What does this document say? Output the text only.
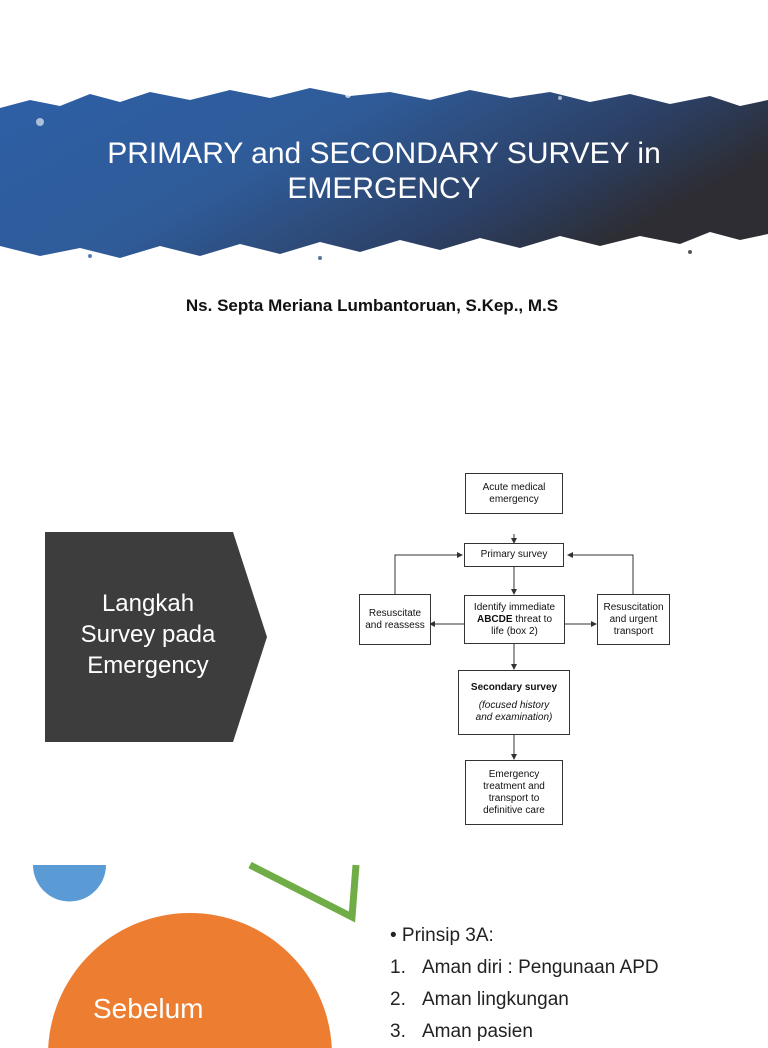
PRIMARY and SECONDARY SURVEY in
EMERGENCY
Ns. Septa Meriana Lumbantoruan, S.Kep., M.S
Langkah
Survey pada
Emergency
Acute medical
emergency
Primary survey
Identify immediate
ABCDE threat to
life (box 2)
Resuscitate
and reassess
Resuscitation
and urgent
transport
Secondary survey
(focused history
and examination)
Emergency
treatment and
transport to
definitive care
Sebelum
• Prinsip 3A:
1. Aman diri : Pengunaan APD
2. Aman lingkungan
3. Aman pasien
